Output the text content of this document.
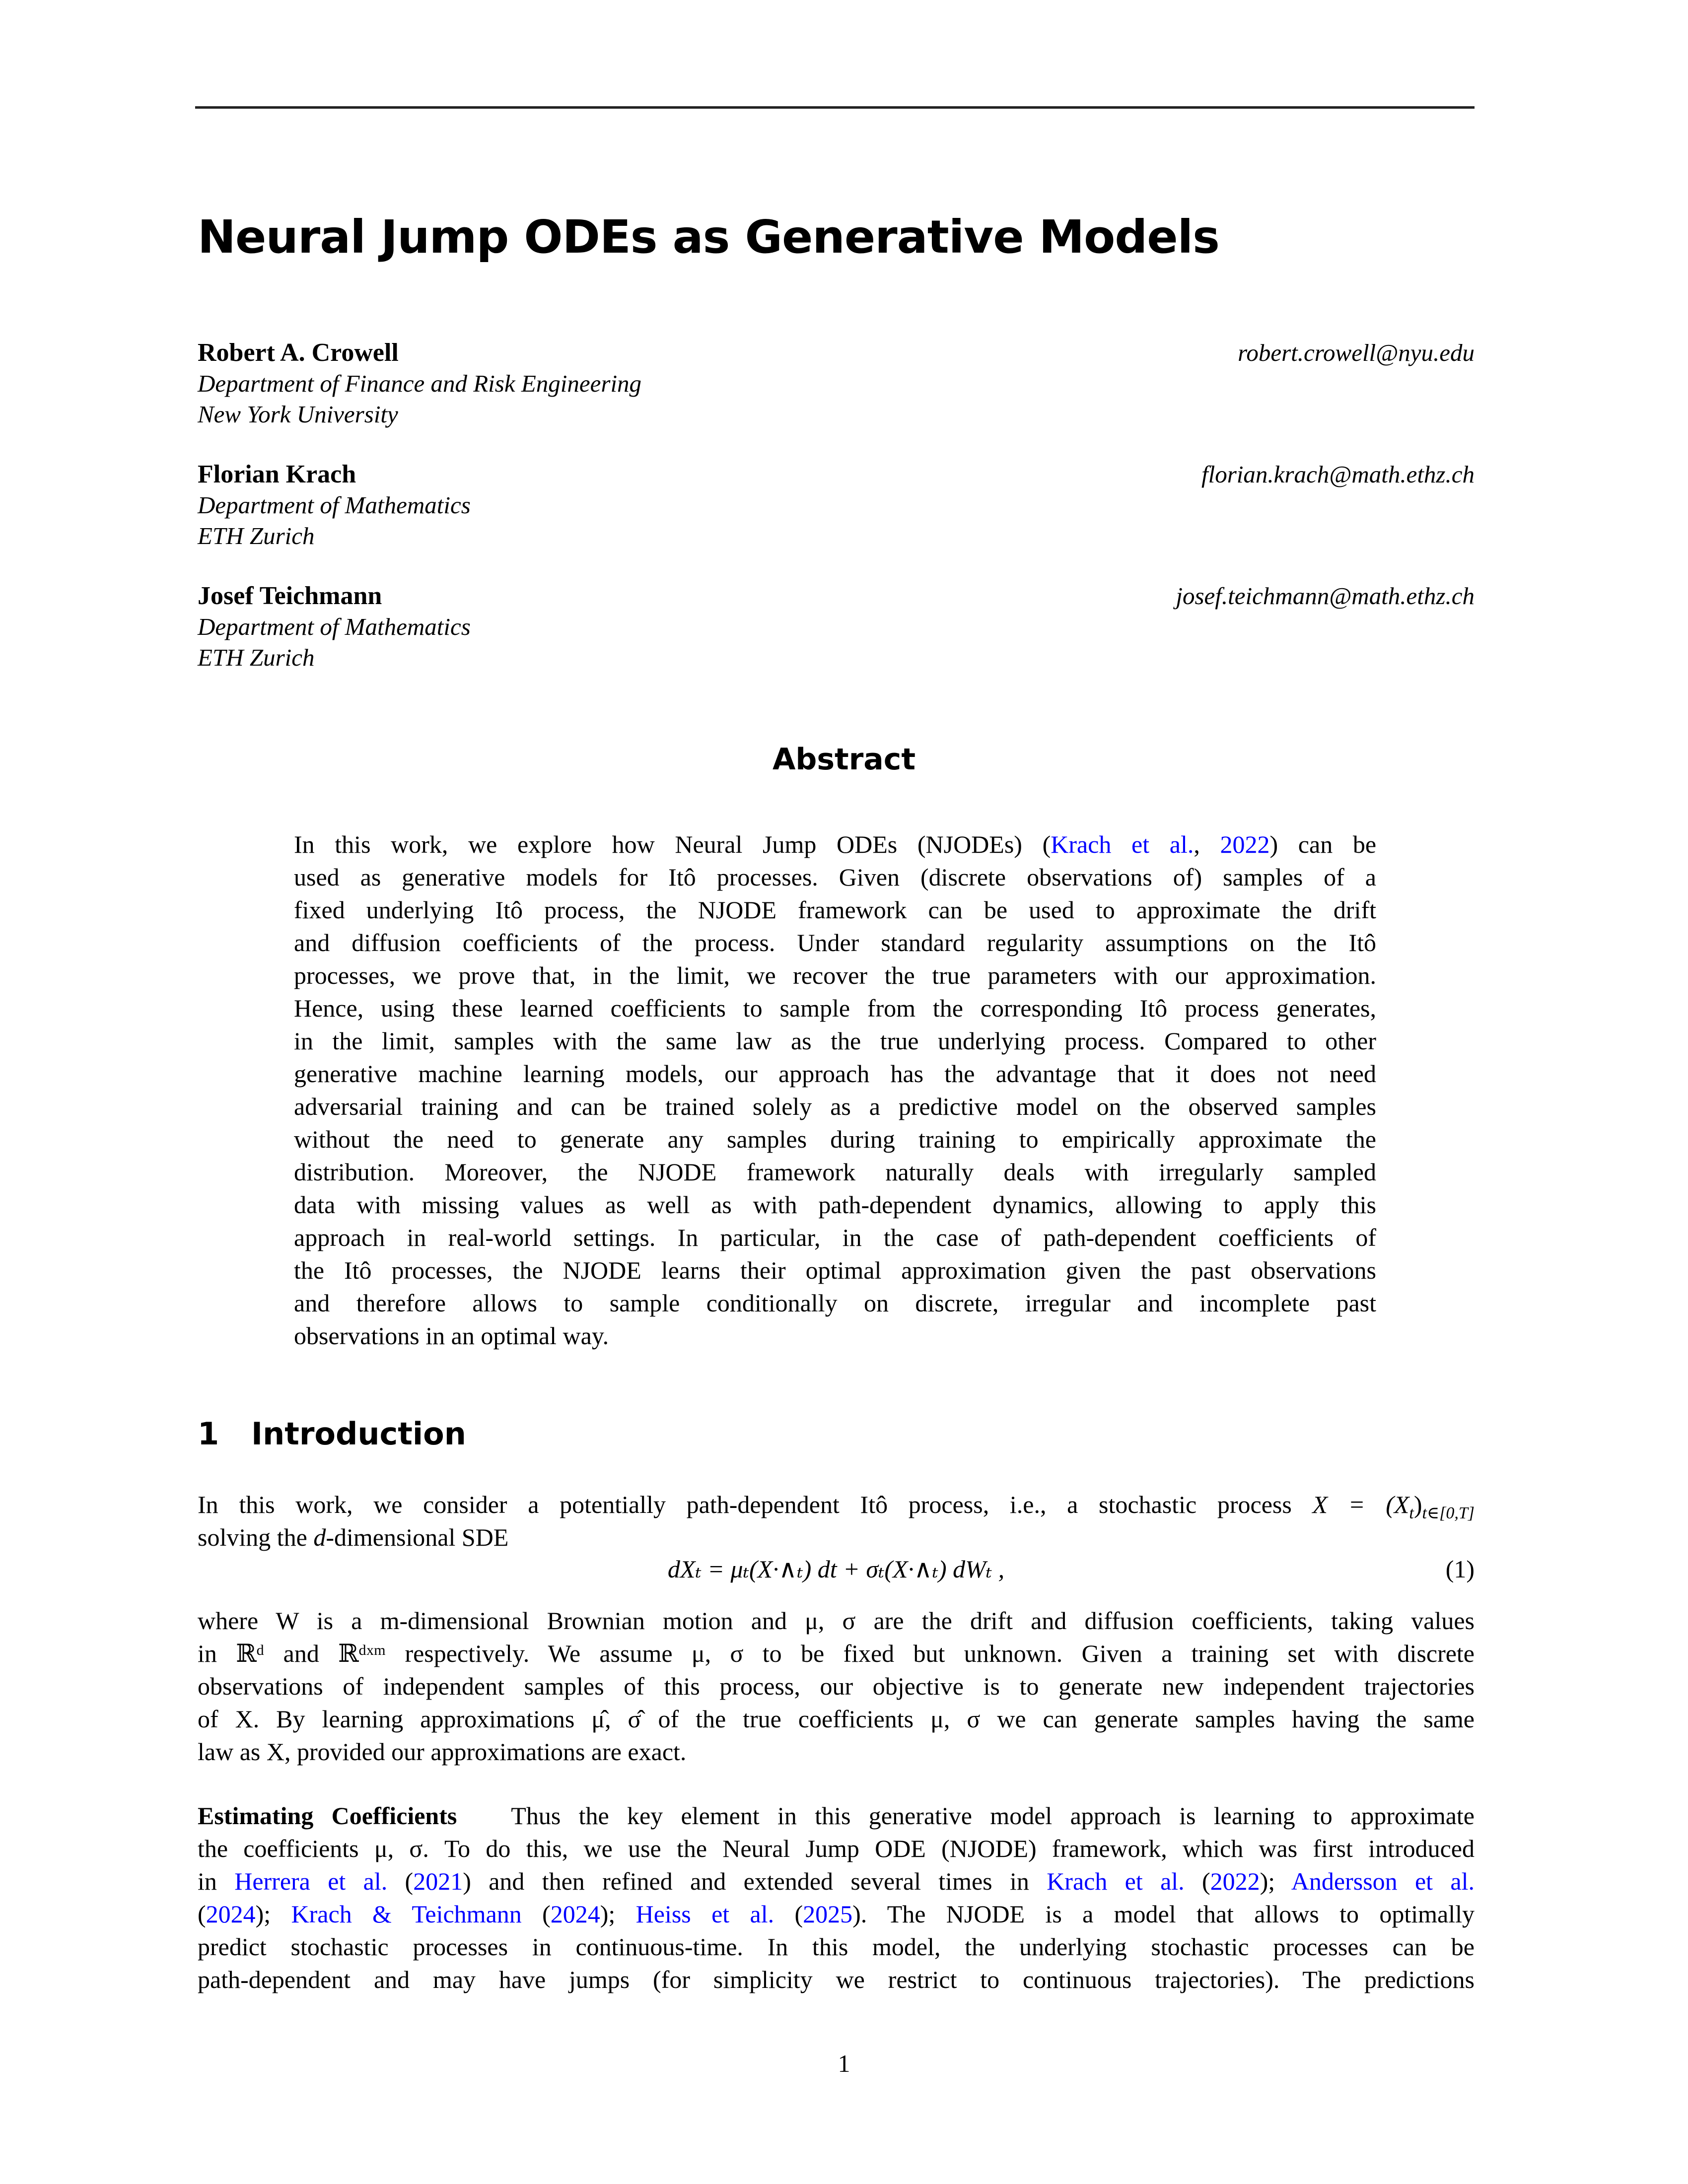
Neural Jump ODEs as Generative Models
Robert A. Crowell	robert.crowell@nyu.edu
Department of Finance and Risk Engineering
New York University
Florian Krach	florian.krach@math.ethz.ch
Department of Mathematics
ETH Zurich
Josef Teichmann	josef.teichmann@math.ethz.ch
Department of Mathematics
ETH Zurich
Abstract
In this work, we explore how Neural Jump ODEs (NJODEs) (Krach et al., 2022) can be
used as generative models for Itô processes. Given (discrete observations of) samples of a
fixed underlying Itô process, the NJODE framework can be used to approximate the drift
and diffusion coefficients of the process. Under standard regularity assumptions on the Itô
processes, we prove that, in the limit, we recover the true parameters with our approximation.
Hence, using these learned coefficients to sample from the corresponding Itô process generates,
in the limit, samples with the same law as the true underlying process. Compared to other
generative machine learning models, our approach has the advantage that it does not need
adversarial training and can be trained solely as a predictive model on the observed samples
without the need to generate any samples during training to empirically approximate the
distribution. Moreover, the NJODE framework naturally deals with irregularly sampled
data with missing values as well as with path-dependent dynamics, allowing to apply this
approach in real-world settings. In particular, in the case of path-dependent coefficients of
the Itô processes, the NJODE learns their optimal approximation given the past observations
and therefore allows to sample conditionally on discrete, irregular and incomplete past
observations in an optimal way.
1 Introduction
In this work, we consider a potentially path-dependent Itô process, i.e., a stochastic process $X = (X_t)_{t\in[0,T]}$
solving the d-dimensional SDE
dXₜ = μₜ(X·∧ₜ) dt + σₜ(X·∧ₜ) dWₜ ,	(1)
where W is a m-dimensional Brownian motion and μ, σ are the drift and diffusion coefficients, taking values
in ℝᵈ and ℝᵈˣᵐ respectively. We assume μ, σ to be fixed but unknown. Given a training set with discrete
observations of independent samples of this process, our objective is to generate new independent trajectories
of X. By learning approximations μ̂, σ̂ of the true coefficients μ, σ we can generate samples having the same
law as X, provided our approximations are exact.
Estimating Coefficients Thus the key element in this generative model approach is learning to approximate
the coefficients μ, σ. To do this, we use the Neural Jump ODE (NJODE) framework, which was first introduced
in Herrera et al. (2021) and then refined and extended several times in Krach et al. (2022); Andersson et al.
(2024); Krach & Teichmann (2024); Heiss et al. (2025). The NJODE is a model that allows to optimally
predict stochastic processes in continuous-time. In this model, the underlying stochastic processes can be
path-dependent and may have jumps (for simplicity we restrict to continuous trajectories). The predictions
1
